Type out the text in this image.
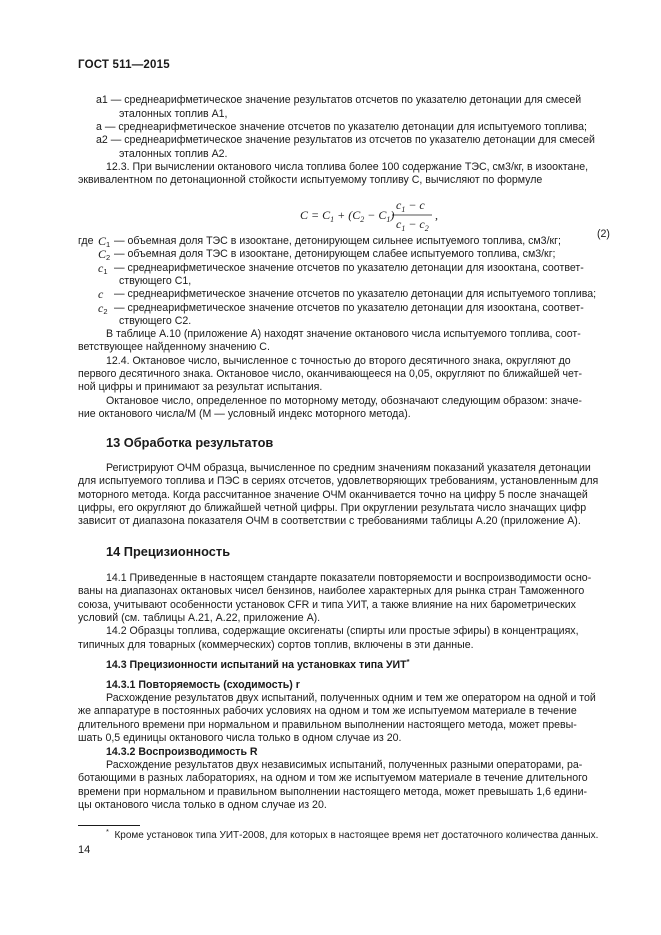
ГОСТ 511—2015
a1 — среднеарифметическое значение результатов отсчетов по указателю детонации для смесей
эталонных топлив A1,
a — среднеарифметическое значение отсчетов по указателю детонации для испытуемого топлива;
a2 — среднеарифметическое значение результатов из отсчетов по указателю детонации для смесей
эталонных топлив A2.
12.3. При вычислении октанового числа топлива более 100 содержание ТЭС, см3/кг, в изооктане,
эквивалентном по детонационной стойкости испытуемому топливу С, вычисляют по формуле
$C = C_1 + (C_2 - C_1)$
$c_1 - c$
$c_1 - c_2$
,
(2)
где $C_1$ — объемная доля ТЭС в изооктане, детонирующем сильнее испытуемого топлива, см3/кг;
$C_2$ — объемная доля ТЭС в изооктане, детонирующем слабее испытуемого топлива, см3/кг;
$c_1$ — среднеарифметическое значение отсчетов по указателю детонации для изооктана, соответ-
ствующего C1,
c — среднеарифметическое значение отсчетов по указателю детонации для испытуемого топлива;
$c_2$ — среднеарифметическое значение отсчетов по указателю детонации для изооктана, соответ-
ствующего C2.
В таблице А.10 (приложение А) находят значение октанового числа испытуемого топлива, соот-
ветствующее найденному значению С.
12.4. Октановое число, вычисленное с точностью до второго десятичного знака, округляют до
первого десятичного знака. Октановое число, оканчивающееся на 0,05, округляют по ближайшей чет-
ной цифры и принимают за результат испытания.
Октановое число, определенное по моторному методу, обозначают следующим образом: значе-
ние октанового числа/М (М — условный индекс моторного метода).
13 Обработка результатов
Регистрируют ОЧМ образца, вычисленное по средним значениям показаний указателя детонации
для испытуемого топлива и ПЭС в сериях отсчетов, удовлетворяющих требованиям, установленным для
моторного метода. Когда рассчитанное значение ОЧМ оканчивается точно на цифру 5 после значащей
цифры, его округляют до ближайшей четной цифры. При округлении результата число значащих цифр
зависит от диапазона показателя ОЧМ в соответствии с требованиями таблицы А.20 (приложение А).
14 Прецизионность
14.1 Приведенные в настоящем стандарте показатели повторяемости и воспроизводимости осно-
ваны на диапазонах октановых чисел бензинов, наиболее характерных для рынка стран Таможенного
союза, учитывают особенности установок CFR и типа УИТ, а также влияние на них барометрических
условий (см. таблицы А.21, А.22, приложение А).
14.2 Образцы топлива, содержащие оксигенаты (спирты или простые эфиры) в концентрациях,
типичных для товарных (коммерческих) сортов топлив, включены в эти данные.
14.3 Прецизионности испытаний на установках типа УИТ*
14.3.1 Повторяемость (сходимость) r
Расхождение результатов двух испытаний, полученных одним и тем же оператором на одной и той
же аппаратуре в постоянных рабочих условиях на одном и том же испытуемом материале в течение
длительного времени при нормальном и правильном выполнении настоящего метода, может превы-
шать 0,5 единицы октанового числа только в одном случае из 20.
14.3.2 Воспроизводимость R
Расхождение результатов двух независимых испытаний, полученных разными операторами, ра-
ботающими в разных лабораториях, на одном и том же испытуемом материале в течение длительного
времени при нормальном и правильном выполнении настоящего метода, может превышать 1,6 едини-
цы октанового числа только в одном случае из 20.
* Кроме установок типа УИТ-2008, для которых в настоящее время нет достаточного количества данных.
14
